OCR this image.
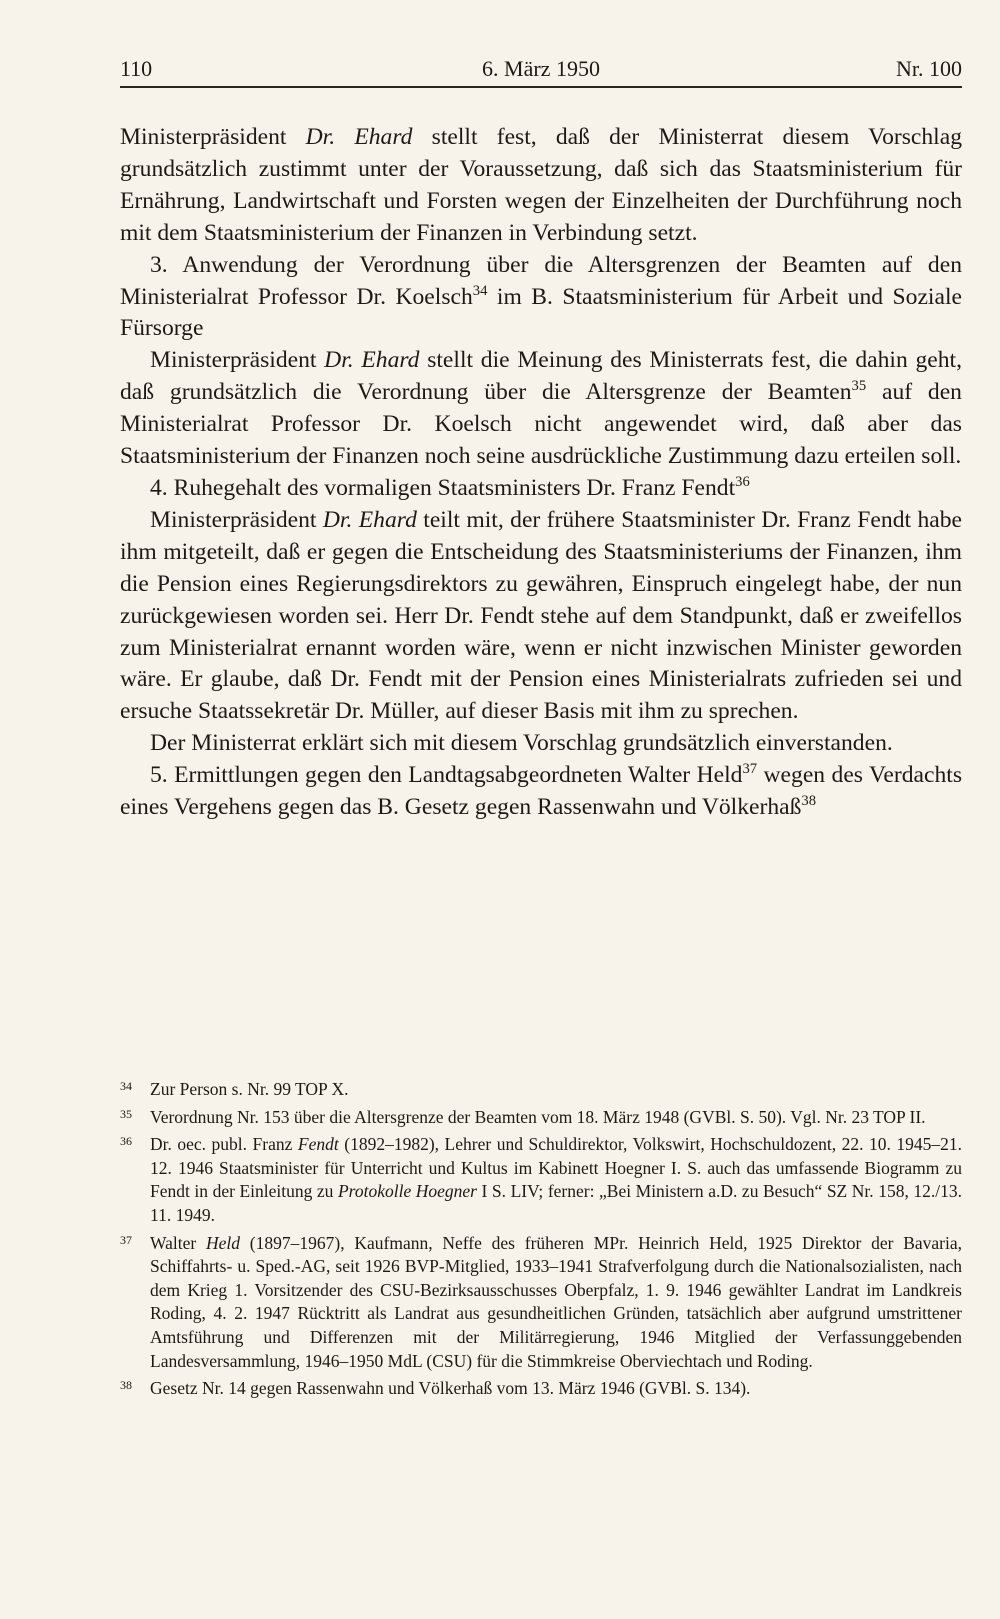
110	6. März 1950	Nr. 100

Ministerpräsident Dr. Ehard stellt fest, daß der Ministerrat diesem Vorschlag grundsätzlich zustimmt unter der Voraussetzung, daß sich das Staatsministerium für Ernährung, Landwirtschaft und Forsten wegen der Einzelheiten der Durchführung noch mit dem Staatsministerium der Finanzen in Verbindung setzt.

3. Anwendung der Verordnung über die Altersgrenzen der Beamten auf den Ministerialrat Professor Dr. Koelsch$^{34}$ im B. Staatsministerium für Arbeit und Soziale Fürsorge

Ministerpräsident Dr. Ehard stellt die Meinung des Ministerrats fest, die dahin geht, daß grundsätzlich die Verordnung über die Altersgrenze der Beamten$^{35}$ auf den Ministerialrat Professor Dr. Koelsch nicht angewendet wird, daß aber das Staatsministerium der Finanzen noch seine ausdrückliche Zustimmung dazu erteilen soll.

4. Ruhegehalt des vormaligen Staatsministers Dr. Franz Fendt$^{36}$

Ministerpräsident Dr. Ehard teilt mit, der frühere Staatsminister Dr. Franz Fendt habe ihm mitgeteilt, daß er gegen die Entscheidung des Staatsministeriums der Finanzen, ihm die Pension eines Regierungsdirektors zu gewähren, Einspruch eingelegt habe, der nun zurückgewiesen worden sei. Herr Dr. Fendt stehe auf dem Standpunkt, daß er zweifellos zum Ministerialrat ernannt worden wäre, wenn er nicht inzwischen Minister geworden wäre. Er glaube, daß Dr. Fendt mit der Pension eines Ministerialrats zufrieden sei und ersuche Staatssekretär Dr. Müller, auf dieser Basis mit ihm zu sprechen.

Der Ministerrat erklärt sich mit diesem Vorschlag grundsätzlich einverstanden.

5. Ermittlungen gegen den Landtagsabgeordneten Walter Held$^{37}$ wegen des Verdachts eines Vergehens gegen das B. Gesetz gegen Rassenwahn und Völkerhaß$^{38}$

34 Zur Person s. Nr. 99 TOP X.
35 Verordnung Nr. 153 über die Altersgrenze der Beamten vom 18. März 1948 (GVBl. S. 50). Vgl. Nr. 23 TOP II.
36 Dr. oec. publ. Franz Fendt (1892–1982), Lehrer und Schuldirektor, Volkswirt, Hochschuldozent, 22. 10. 1945–21. 12. 1946 Staatsminister für Unterricht und Kultus im Kabinett Hoegner I. S. auch das umfassende Biogramm zu Fendt in der Einleitung zu Protokolle Hoegner I S. LIV; ferner: „Bei Ministern a.D. zu Besuch“ SZ Nr. 158, 12./13. 11. 1949.
37 Walter Held (1897–1967), Kaufmann, Neffe des früheren MPr. Heinrich Held, 1925 Direktor der Bavaria, Schiffahrts- u. Sped.-AG, seit 1926 BVP-Mitglied, 1933–1941 Strafverfolgung durch die Nationalsozialisten, nach dem Krieg 1. Vorsitzender des CSU-Bezirksausschusses Oberpfalz, 1. 9. 1946 gewählter Landrat im Landkreis Roding, 4. 2. 1947 Rücktritt als Landrat aus gesundheitlichen Gründen, tatsächlich aber aufgrund umstrittener Amtsführung und Differenzen mit der Militärregierung, 1946 Mitglied der Verfassunggebenden Landesversammlung, 1946–1950 MdL (CSU) für die Stimmkreise Oberviechtach und Roding.
38 Gesetz Nr. 14 gegen Rassenwahn und Völkerhaß vom 13. März 1946 (GVBl. S. 134).
